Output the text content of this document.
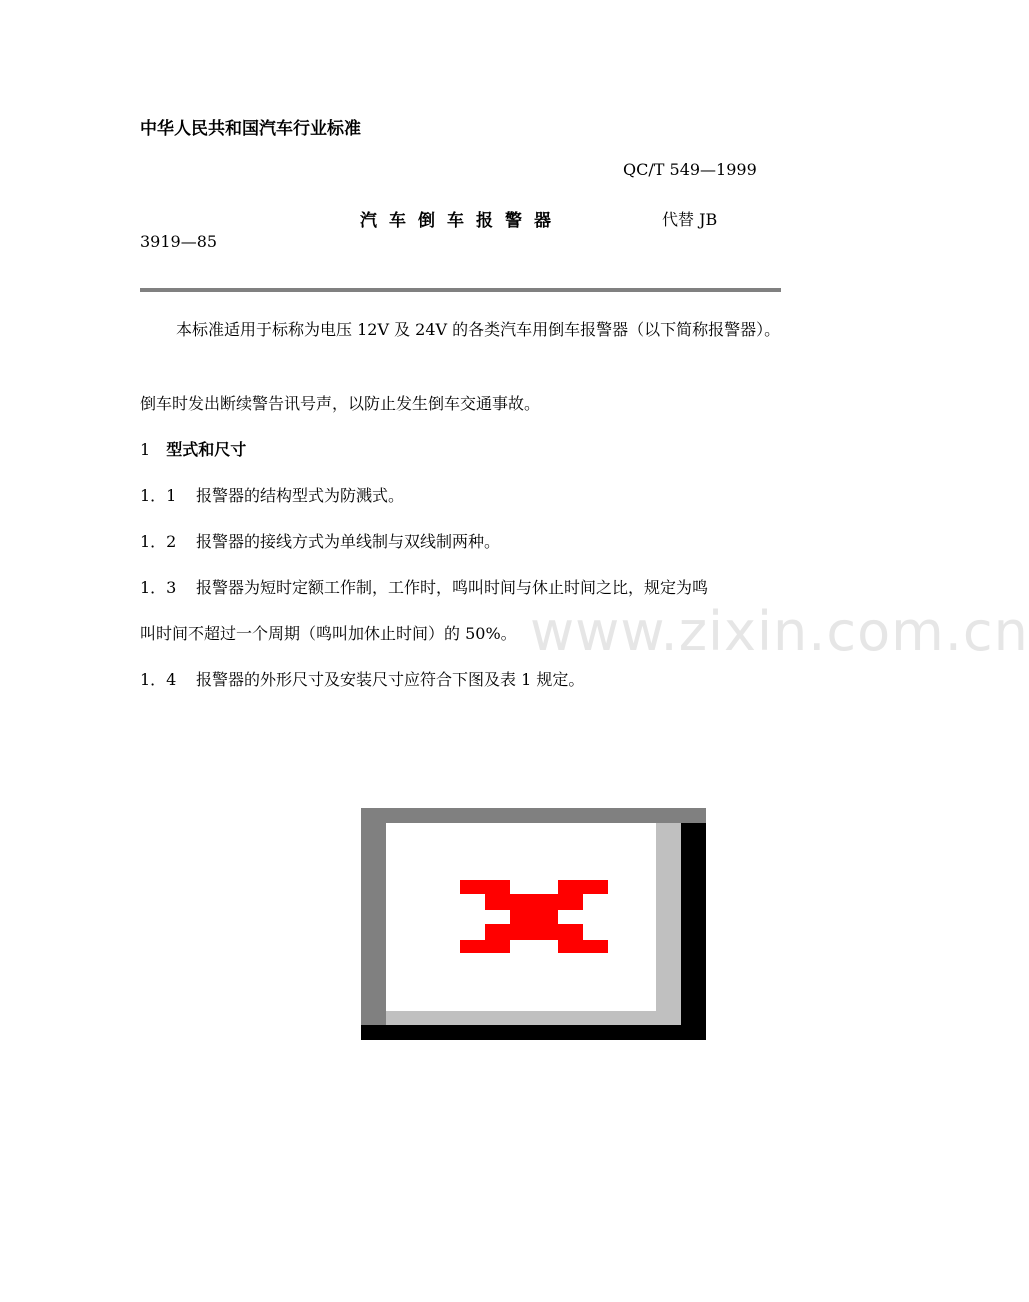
中华人民共和国汽车行业标准
QC/T 549—1999
汽车倒车报警器	代替 JB
3919—85
www.zixin.com.cn
本标准适用于标称为电压 12V 及 24V 的各类汽车用倒车报警器（以下简称报警器）。
倒车时发出断续警告讯号声，以防止发生倒车交通事故。
1 型式和尺寸
1．1 报警器的结构型式为防溅式。
1．2 报警器的接线方式为单线制与双线制两种。
1．3 报警器为短时定额工作制，工作时，鸣叫时间与休止时间之比，规定为鸣
叫时间不超过一个周期（鸣叫加休止时间）的 50%。
1．4 报警器的外形尺寸及安装尺寸应符合下图及表 1 规定。
